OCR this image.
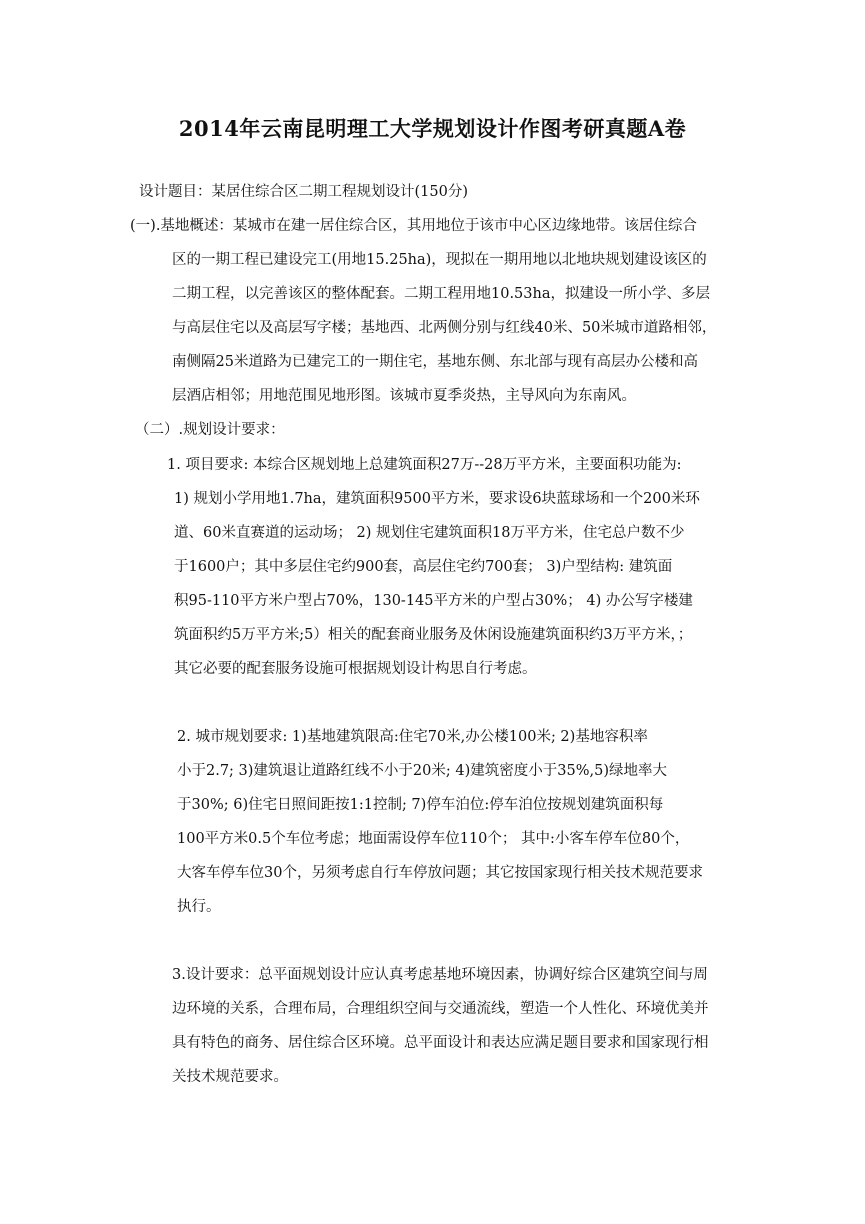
2014年云南昆明理工大学规划设计作图考研真题A卷
设计题目：某居住综合区二期工程规划设计(150分)
(一).基地概述：某城市在建一居住综合区，其用地位于该市中心区边缘地带。该居住综合
区的一期工程已建设完工(用地15.25ha)，现拟在一期用地以北地块规划建设该区的
二期工程，以完善该区的整体配套。二期工程用地10.53ha，拟建设一所小学、多层
与高层住宅以及高层写字楼；基地西、北两侧分别与红线40米、50米城市道路相邻，
南侧隔25米道路为已建完工的一期住宅，基地东侧、东北部与现有高层办公楼和高
层酒店相邻；用地范围见地形图。该城市夏季炎热，主导风向为东南风。
（二）.规划设计要求：
1. 项目要求: 本综合区规划地上总建筑面积27万--28万平方米，主要面积功能为:
1) 规划小学用地1.7ha，建筑面积9500平方米，要求设6块蓝球场和一个200米环
道、60米直赛道的运动场； 2) 规划住宅建筑面积18万平方米，住宅总户数不少
于1600户；其中多层住宅约900套，高层住宅约700套； 3)户型结构: 建筑面
积95-110平方米户型占70%，130-145平方米的户型占30%； 4) 办公写字楼建
筑面积约5万平方米;5）相关的配套商业服务及休闲设施建筑面积约3万平方米，；
其它必要的配套服务设施可根据规划设计构思自行考虑。
2. 城市规划要求: 1)基地建筑限高:住宅70米,办公楼100米; 2)基地容积率
小于2.7; 3)建筑退让道路红线不小于20米; 4)建筑密度小于35%,5)绿地率大
于30%; 6)住宅日照间距按1:1控制; 7)停车泊位:停车泊位按规划建筑面积每
100平方米0.5个车位考虑；地面需设停车位110个； 其中:小客车停车位80个，
大客车停车位30个，另须考虑自行车停放问题；其它按国家现行相关技术规范要求
执行。
3.设计要求：总平面规划设计应认真考虑基地环境因素，协调好综合区建筑空间与周
边环境的关系，合理布局，合理组织空间与交通流线，塑造一个人性化、环境优美并
具有特色的商务、居住综合区环境。总平面设计和表达应满足题目要求和国家现行相
关技术规范要求。
